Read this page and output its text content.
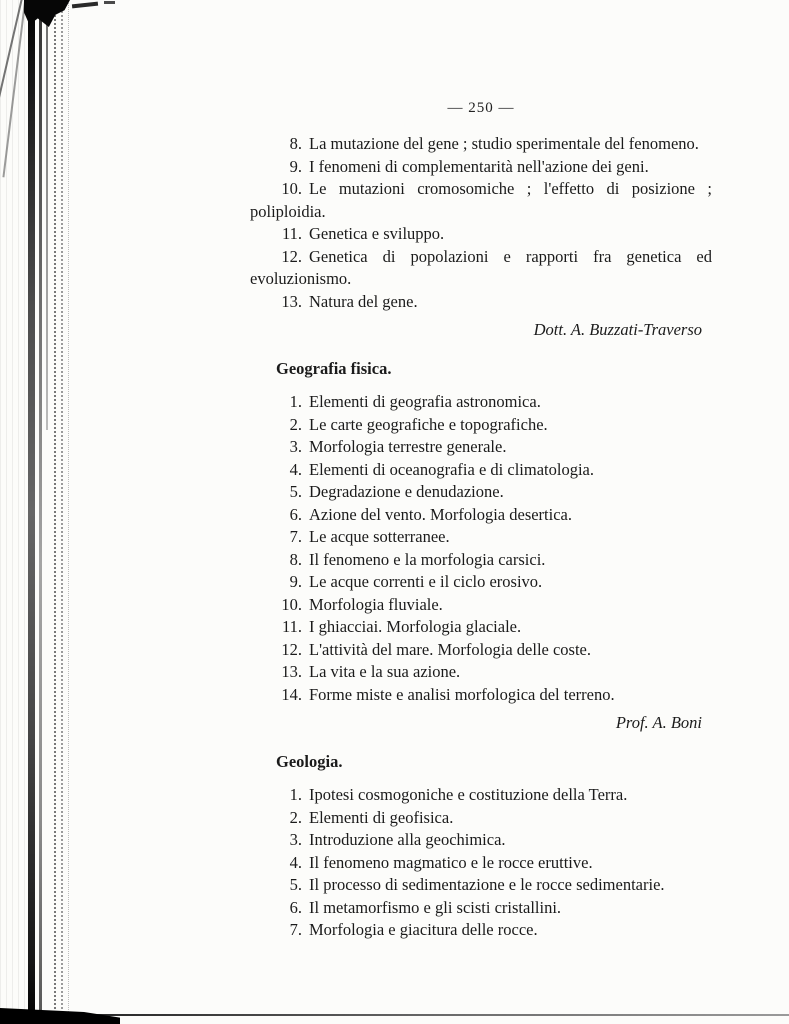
— 250 —

8. La mutazione del gene ; studio sperimentale del fenomeno.

9. I fenomeni di complementarità nell'azione dei geni.

10. Le mutazioni cromosomiche ; l'effetto di posizione ; poliploidia.

11. Genetica e sviluppo.

12. Genetica di popolazioni e rapporti fra genetica ed evoluzionismo.

13. Natura del gene.

Dott. A. Buzzati-Traverso
Geografia fisica.

1. Elementi di geografia astronomica.

2. Le carte geografiche e topografiche.

3. Morfologia terrestre generale.

4. Elementi di oceanografia e di climatologia.

5. Degradazione e denudazione.

6. Azione del vento. Morfologia desertica.

7. Le acque sotterranee.

8. Il fenomeno e la morfologia carsici.

9. Le acque correnti e il ciclo erosivo.

10. Morfologia fluviale.

11. I ghiacciai. Morfologia glaciale.

12. L'attività del mare. Morfologia delle coste.

13. La vita e la sua azione.

14. Forme miste e analisi morfologica del terreno.

Prof. A. Boni
Geologia.

1. Ipotesi cosmogoniche e costituzione della Terra.

2. Elementi di geofisica.

3. Introduzione alla geochimica.

4. Il fenomeno magmatico e le rocce eruttive.

5. Il processo di sedimentazione e le rocce sedimentarie.

6. Il metamorfismo e gli scisti cristallini.

7. Morfologia e giacitura delle rocce.
